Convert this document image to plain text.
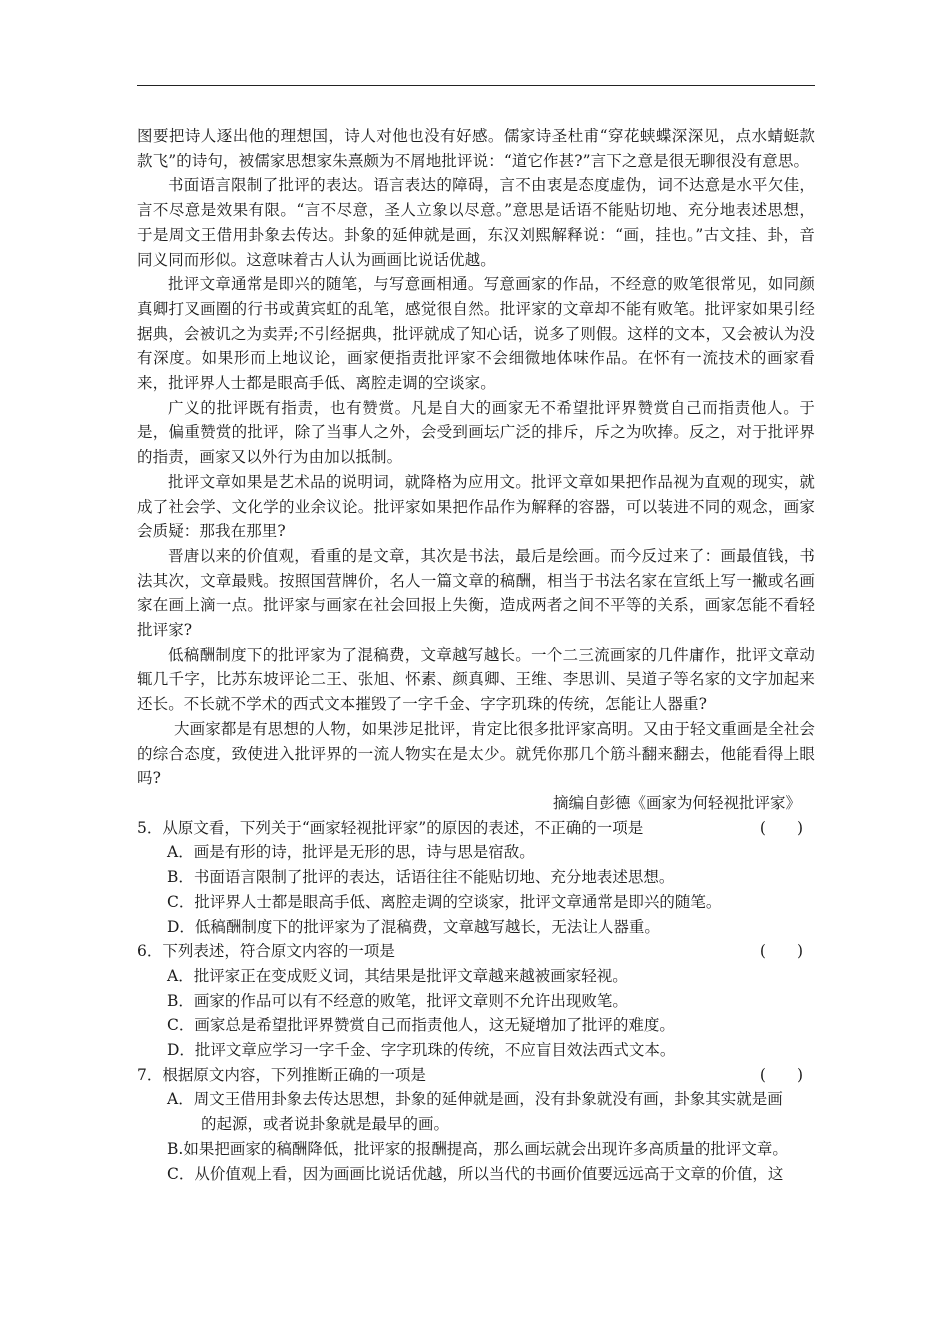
图要把诗人逐出他的理想国，诗人对他也没有好感。儒家诗圣杜甫“穿花蛱蝶深深见，点水蜻蜓款款飞”的诗句，被儒家思想家朱熹颇为不屑地批评说：“道它作甚?”言下之意是很无聊很没有意思。

书面语言限制了批评的表达。语言表达的障碍，言不由衷是态度虚伪，词不达意是水平欠佳，言不尽意是效果有限。“言不尽意，圣人立象以尽意。”意思是话语不能贴切地、充分地表述思想，于是周文王借用卦象去传达。卦象的延伸就是画，东汉刘熙解释说：“画，挂也。”古文挂、卦，音同义同而形似。这意味着古人认为画画比说话优越。

批评文章通常是即兴的随笔，与写意画相通。写意画家的作品，不经意的败笔很常见，如同颜真卿打叉画圈的行书或黄宾虹的乱笔，感觉很自然。批评家的文章却不能有败笔。批评家如果引经据典，会被讥之为卖弄;不引经据典，批评就成了知心话，说多了则假。这样的文本，又会被认为没有深度。如果形而上地议论，画家便指责批评家不会细微地体味作品。在怀有一流技术的画家看来，批评界人士都是眼高手低、离腔走调的空谈家。

广义的批评既有指责，也有赞赏。凡是自大的画家无不希望批评界赞赏自己而指责他人。于是，偏重赞赏的批评，除了当事人之外，会受到画坛广泛的排斥，斥之为吹捧。反之，对于批评界的指责，画家又以外行为由加以抵制。

批评文章如果是艺术品的说明词，就降格为应用文。批评文章如果把作品视为直观的现实，就成了社会学、文化学的业余议论。批评家如果把作品作为解释的容器，可以装进不同的观念，画家会质疑：那我在那里?

晋唐以来的价值观，看重的是文章，其次是书法，最后是绘画。而今反过来了：画最值钱，书法其次，文章最贱。按照国营牌价，名人一篇文章的稿酬，相当于书法名家在宣纸上写一撇或名画家在画上滴一点。批评家与画家在社会回报上失衡，造成两者之间不平等的关系，画家怎能不看轻批评家?

低稿酬制度下的批评家为了混稿费，文章越写越长。一个二三流画家的几件庸作，批评文章动辄几千字，比苏东坡评论二王、张旭、怀素、颜真卿、王维、李思训、吴道子等名家的文字加起来还长。不长就不学术的西式文本摧毁了一字千金、字字玑珠的传统，怎能让人器重?

大画家都是有思想的人物，如果涉足批评，肯定比很多批评家高明。又由于轻文重画是全社会的综合态度，致使进入批评界的一流人物实在是太少。就凭你那几个筋斗翻来翻去，他能看得上眼吗?

摘编自彭德《画家为何轻视批评家》

5．从原文看，下列关于“画家轻视批评家”的原因的表述，不正确的一项是	(　　)

A．画是有形的诗，批评是无形的思，诗与思是宿敌。

B．书面语言限制了批评的表达，话语往往不能贴切地、充分地表述思想。

C．批评界人士都是眼高手低、离腔走调的空谈家，批评文章通常是即兴的随笔。

D．低稿酬制度下的批评家为了混稿费，文章越写越长，无法让人器重。

6．下列表述，符合原文内容的一项是	(　　)

A．批评家正在变成贬义词，其结果是批评文章越来越被画家轻视。

B．画家的作品可以有不经意的败笔，批评文章则不允许出现败笔。

C．画家总是希望批评界赞赏自己而指责他人，这无疑增加了批评的难度。

D．批评文章应学习一字千金、字字玑珠的传统，不应盲目效法西式文本。

7．根据原文内容，下列推断正确的一项是	(　　)

A．周文王借用卦象去传达思想，卦象的延伸就是画，没有卦象就没有画，卦象其实就是画

的起源，或者说卦象就是最早的画。

B.如果把画家的稿酬降低，批评家的报酬提高，那么画坛就会出现许多高质量的批评文章。

C．从价值观上看，因为画画比说话优越，所以当代的书画价值要远远高于文章的价值，这
